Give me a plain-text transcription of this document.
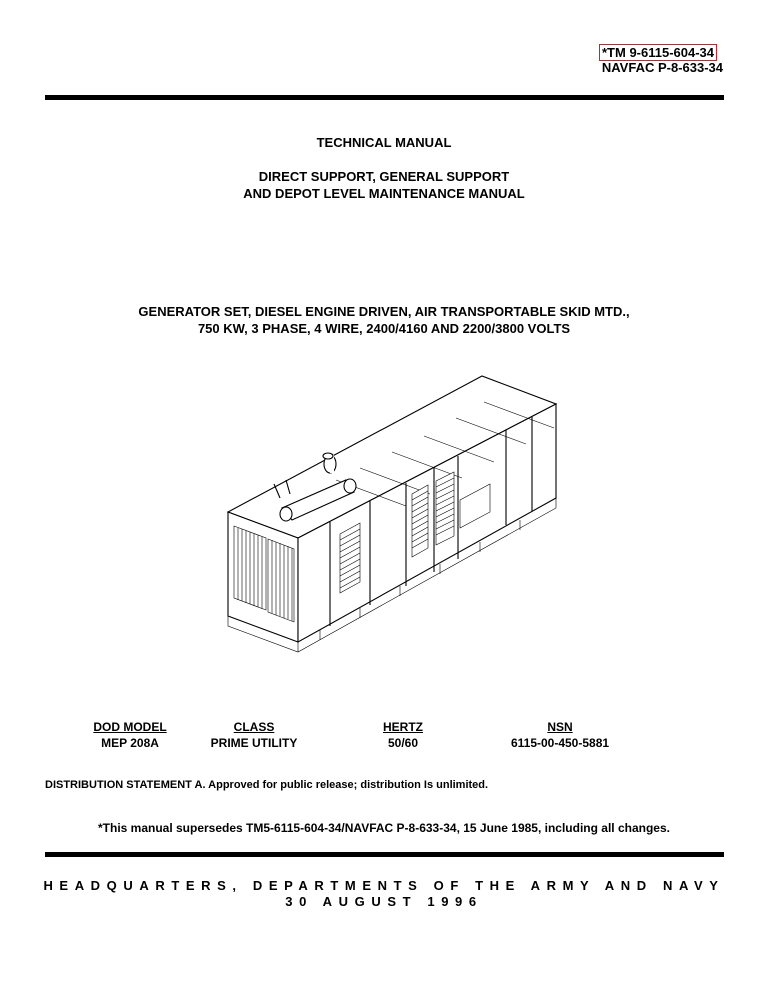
*TM 9-6115-604-34
NAVFAC P-8-633-34
TECHNICAL MANUAL
DIRECT SUPPORT, GENERAL SUPPORT
AND DEPOT LEVEL MAINTENANCE MANUAL
GENERATOR SET, DIESEL ENGINE DRIVEN, AIR TRANSPORTABLE SKID MTD.,
750 KW, 3 PHASE, 4 WIRE, 2400/4160 AND 2200/3800 VOLTS
DOD MODEL
MEP 208A
CLASS
PRIME UTILITY
HERTZ
50/60
NSN
6115-00-450-5881
DISTRIBUTION STATEMENT A. Approved for public release; distribution Is unlimited.
*This manual supersedes TM5-6115-604-34/NAVFAC P-8-633-34, 15 June 1985, including all changes.
HEADQUARTERS, DEPARTMENTS OF THE ARMY AND NAVY
30 AUGUST 1996
